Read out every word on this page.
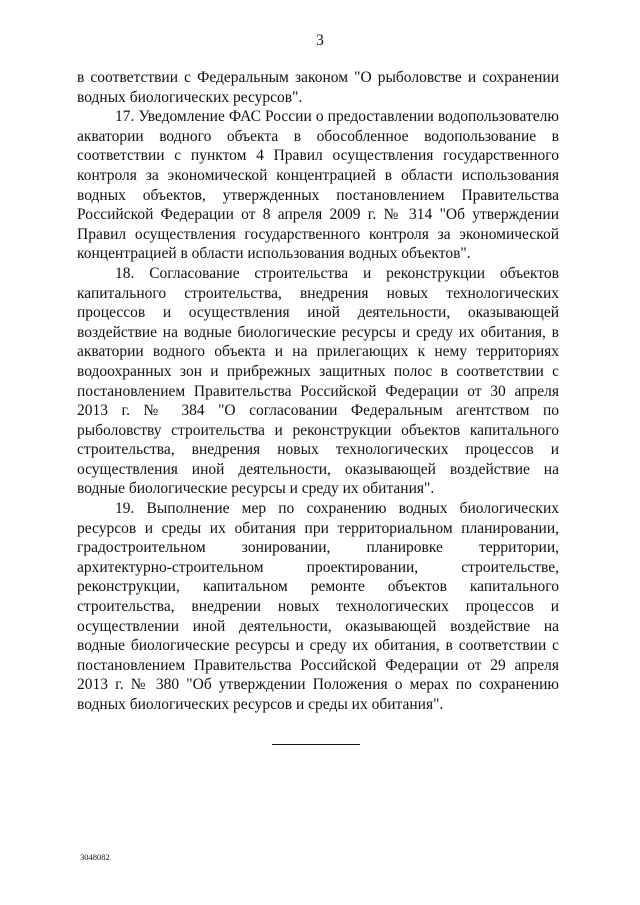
3

в соответствии с Федеральным законом "О рыболовстве и сохранении водных биологических ресурсов".

17. Уведомление ФАС России о предоставлении водопользователю акватории водного объекта в обособленное водопользование в соответствии с пунктом 4 Правил осуществления государственного контроля за экономической концентрацией в области использования водных объектов, утвержденных постановлением Правительства Российской Федерации от 8 апреля 2009 г. № 314 "Об утверждении Правил осуществления государственного контроля за экономической концентрацией в области использования водных объектов".

18. Согласование строительства и реконструкции объектов капитального строительства, внедрения новых технологических процессов и осуществления иной деятельности, оказывающей воздействие на водные биологические ресурсы и среду их обитания, в акватории водного объекта и на прилегающих к нему территориях водоохранных зон и прибрежных защитных полос в соответствии с постановлением Правительства Российской Федерации от 30 апреля 2013 г. № 384 "О согласовании Федеральным агентством по рыболовству строительства и реконструкции объектов капитального строительства, внедрения новых технологических процессов и осуществления иной деятельности, оказывающей воздействие на водные биологические ресурсы и среду их обитания".

19. Выполнение мер по сохранению водных биологических ресурсов и среды их обитания при территориальном планировании, градостроительном зонировании, планировке территории, архитектурно-строительном проектировании, строительстве, реконструкции, капитальном ремонте объектов капитального строительства, внедрении новых технологических процессов и осуществлении иной деятельности, оказывающей воздействие на водные биологические ресурсы и среду их обитания, в соответствии с постановлением Правительства Российской Федерации от 29 апреля 2013 г. № 380 "Об утверждении Положения о мерах по сохранению водных биологических ресурсов и среды их обитания".

3048082
